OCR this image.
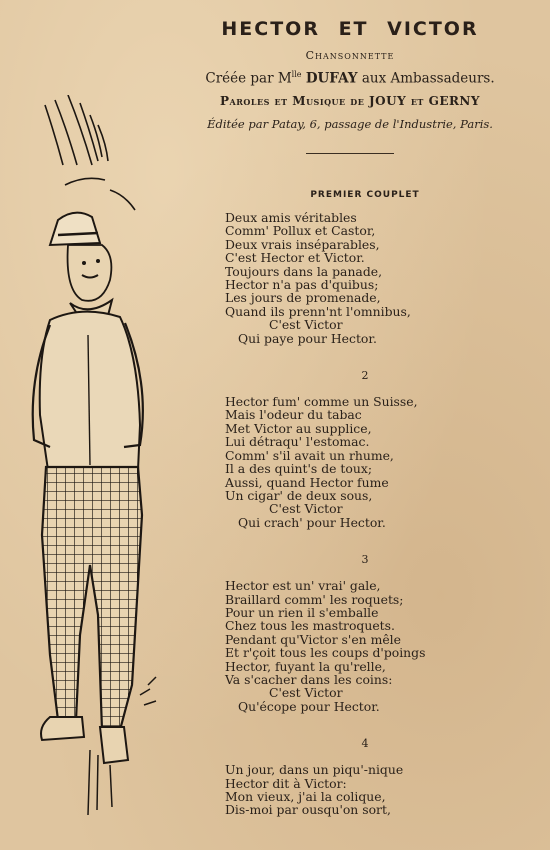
HECTOR ET VICTOR
Chansonnette
Créée par $M^{lle}$ DUFAY aux Ambassadeurs.
Paroles et Musique de JOUY et GERNY
Éditée par Patay, 6, passage de l'Industrie, Paris.
PREMIER COUPLET
Deux amis véritables
Comm' Pollux et Castor,
Deux vrais inséparables,
C'est Hector et Victor.
Toujours dans la panade,
Hector n'a pas d'quibus;
Les jours de promenade,
Quand ils prenn'nt l'omnibus,
C'est Victor
Qui paye pour Hector.
2
Hector fum' comme un Suisse,
Mais l'odeur du tabac
Met Victor au supplice,
Lui détraqu' l'estomac.
Comm' s'il avait un rhume,
Il a des quint's de toux;
Aussi, quand Hector fume
Un cigar' de deux sous,
C'est Victor
Qui crach' pour Hector.
3
Hector est un' vrai' gale,
Braillard comm' les roquets;
Pour un rien il s'emballe
Chez tous les mastroquets.
Pendant qu'Victor s'en mêle
Et r'çoit tous les coups d'poings
Hector, fuyant la qu'relle,
Va s'cacher dans les coins:
C'est Victor
Qu'écope pour Hector.
4
Un jour, dans un piqu'-nique
Hector dit à Victor:
Mon vieux, j'ai la colique,
Dis-moi par ousqu'on sort,
